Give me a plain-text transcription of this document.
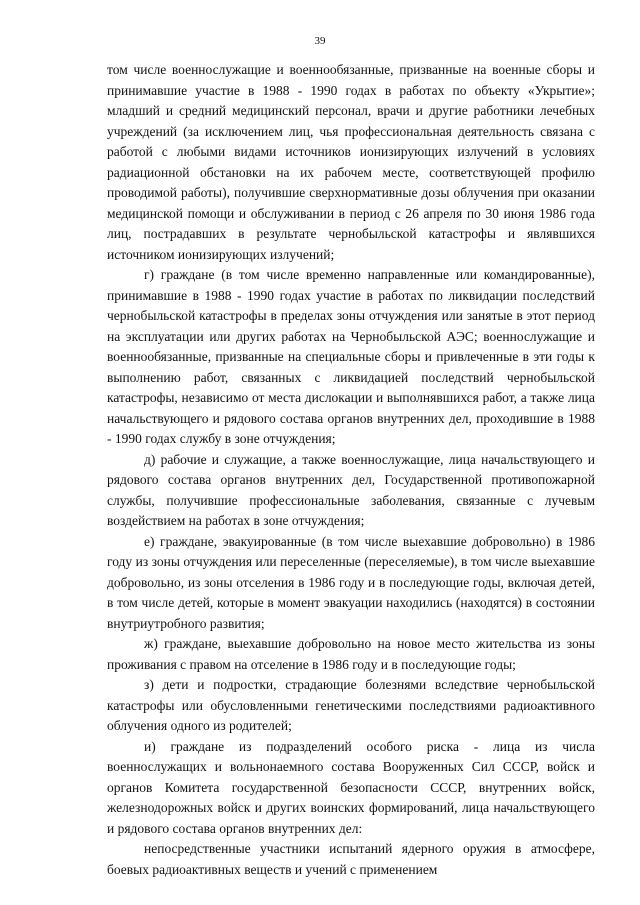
39

том числе военнослужащие и военнообязанные, призванные на военные сборы и принимавшие участие в 1988 - 1990 годах в работах по объекту «Укрытие»; младший и средний медицинский персонал, врачи и другие работники лечебных учреждений (за исключением лиц, чья профессиональная деятельность связана с работой с любыми видами источников ионизирующих излучений в условиях радиационной обстановки на их рабочем месте, соответствующей профилю проводимой работы), получившие сверхнормативные дозы облучения при оказании медицинской помощи и обслуживании в период с 26 апреля по 30 июня 1986 года лиц, пострадавших в результате чернобыльской катастрофы и являвшихся источником ионизирующих излучений;

г) граждане (в том числе временно направленные или командированные), принимавшие в 1988 - 1990 годах участие в работах по ликвидации последствий чернобыльской катастрофы в пределах зоны отчуждения или занятые в этот период на эксплуатации или других работах на Чернобыльской АЭС; военнослужащие и военнообязанные, призванные на специальные сборы и привлеченные в эти годы к выполнению работ, связанных с ликвидацией последствий чернобыльской катастрофы, независимо от места дислокации и выполнявшихся работ, а также лица начальствующего и рядового состава органов внутренних дел, проходившие в 1988 - 1990 годах службу в зоне отчуждения;

д) рабочие и служащие, а также военнослужащие, лица начальствующего и рядового состава органов внутренних дел, Государственной противопожарной службы, получившие профессиональные заболевания, связанные с лучевым воздействием на работах в зоне отчуждения;

е) граждане, эвакуированные (в том числе выехавшие добровольно) в 1986 году из зоны отчуждения или переселенные (переселяемые), в том числе выехавшие добровольно, из зоны отселения в 1986 году и в последующие годы, включая детей, в том числе детей, которые в момент эвакуации находились (находятся) в состоянии внутриутробного развития;

ж) граждане, выехавшие добровольно на новое место жительства из зоны проживания с правом на отселение в 1986 году и в последующие годы;

з) дети и подростки, страдающие болезнями вследствие чернобыльской катастрофы или обусловленными генетическими последствиями радиоактивного облучения одного из родителей;

и) граждане из подразделений особого риска - лица из числа военнослужащих и вольнонаемного состава Вооруженных Сил СССР, войск и органов Комитета государственной безопасности СССР, внутренних войск, железнодорожных войск и других воинских формирований, лица начальствующего и рядового состава органов внутренних дел:

непосредственные участники испытаний ядерного оружия в атмосфере, боевых радиоактивных веществ и учений с применением
